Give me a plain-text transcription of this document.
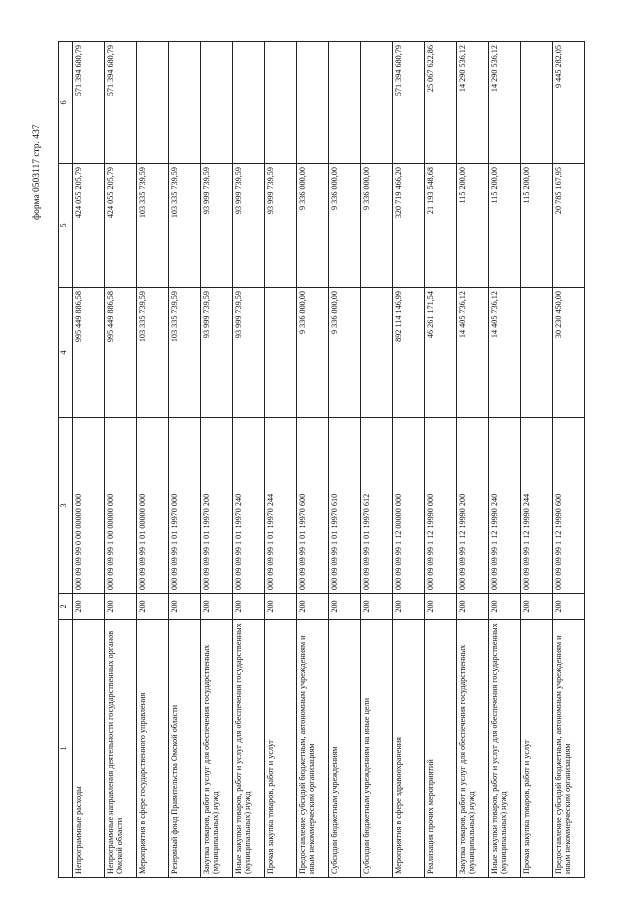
форма 0503117 стр. 437
1	2	3	4	5	6
Непрограммные расходы	200	000 09 09 99 0 00 00000 000	995 449 886,58	424 055 205,79	571 394 680,79
Непрограммные направления деятельности государственных органов Омской области	200	000 09 09 99 1 00 00000 000	995 449 886,58	424 055 205,79	571 394 680,79
Мероприятия в сфере государственного управления	200	000 09 09 99 1 01 00000 000	103 335 739,59	103 335 739,59	
Резервный фонд Правительства Омской области	200	000 09 09 99 1 01 19970 000	103 335 739,59	103 335 739,59	
Закупка товаров, работ и услуг для обеспечения государственных (муниципальных) нужд	200	000 09 09 99 1 01 19970 200	93 999 739,59	93 999 739,59	
Иные закупки товаров, работ и услуг для обеспечения государственных (муниципальных) нужд	200	000 09 09 99 1 01 19970 240	93 999 739,59	93 999 739,59	
Прочая закупка товаров, работ и услуг	200	000 09 09 99 1 01 19970 244		93 999 739,59	
Предоставление субсидий бюджетным, автономным учреждениям и иным некоммерческим организациям	200	000 09 09 99 1 01 19970 600	9 336 000,00	9 336 000,00	
Субсидии бюджетным учреждениям	200	000 09 09 99 1 01 19970 610	9 336 000,00	9 336 000,00	
Субсидии бюджетным учреждениям на иные цели	200	000 09 09 99 1 01 19970 612		9 336 000,00	
Мероприятия в сфере здравоохранения	200	000 09 09 99 1 12 00000 000	892 114 146,99	320 719 466,20	571 394 680,79
Реализация прочих мероприятий	200	000 09 09 99 1 12 19990 000	46 261 171,54	21 193 548,68	25 067 622,86
Закупка товаров, работ и услуг для обеспечения государственных (муниципальных) нужд	200	000 09 09 99 1 12 19990 200	14 405 736,12	115 200,00	14 290 536,12
Иные закупки товаров, работ и услуг для обеспечения государственных (муниципальных) нужд	200	000 09 09 99 1 12 19990 240	14 405 736,12	115 200,00	14 290 536,12
Прочая закупка товаров, работ и услуг	200	000 09 09 99 1 12 19990 244		115 200,00	
Предоставление субсидий бюджетным, автономным учреждениям и иным некоммерческим организациям	200	000 09 09 99 1 12 19990 600	30 230 450,00	20 785 167,95	9 445 282,05
